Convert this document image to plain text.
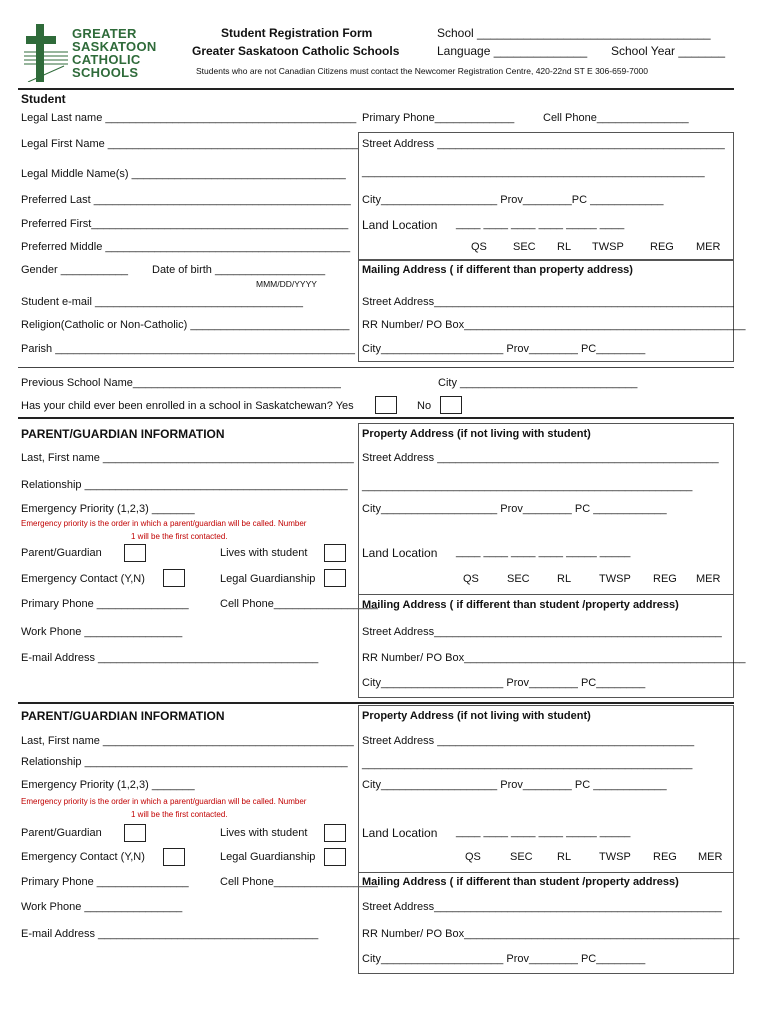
GREATER
SASKATOON
CATHOLIC
SCHOOLS
Student Registration Form
Greater Saskatoon Catholic Schools
School ___________________________________
Language ______________ School Year _______
Students who are not Canadian Citizens must contact the Newcomer Registration Centre, 420-22nd ST E 306-659-7000
Student
Legal Last name _________________________________________
Legal First Name _________________________________________
Legal Middle Name(s) ___________________________________
Preferred Last __________________________________________
Preferred First__________________________________________
Preferred Middle ________________________________________
Gender ___________ Date of birth __________________
MMM/DD/YYYY
Student e-mail __________________________________
Religion(Catholic or Non-Catholic) __________________________
Parish _________________________________________________
Primary Phone_____________	Cell Phone_______________
Street Address _______________________________________________
________________________________________________________
City___________________ Prov________PC ____________
Land Location ____ ____ ____ ____ _____ ____
QS SEC RL TWSP REG MER
Mailing Address ( if different than property address)
Street Address_________________________________________________
RR Number/ PO Box______________________________________________
City____________________ Prov________ PC________
Previous School Name__________________________________	City _____________________________
Has your child ever been enrolled in a school in Saskatchewan? Yes	No
PARENT/GUARDIAN INFORMATION
Last, First name _________________________________________
Relationship ___________________________________________
Emergency Priority (1,2,3) _______
Emergency priority is the order in which a parent/guardian will be called. Number
1 will be the first contacted.
Parent/Guardian	Lives with student
Emergency Contact (Y,N)	Legal Guardianship
Primary Phone _______________	Cell Phone_________________
Work Phone ________________
E-mail Address ____________________________________
Property Address (if not living with student)
Street Address ______________________________________________
______________________________________________________
City___________________ Prov________ PC ____________
Land Location ____ ____ ____ ____ _____ _____
QS	SEC RL	TWSP REG MER
Mailing Address ( if different than student /property address)
Street Address_______________________________________________
RR Number/ PO Box______________________________________________
City____________________ Prov________ PC________
PARENT/GUARDIAN INFORMATION
Last, First name _________________________________________
Relationship ___________________________________________
Emergency Priority (1,2,3) _______
Emergency priority is the order in which a parent/guardian will be called. Number
1 will be the first contacted.
Parent/Guardian	Lives with student
Emergency Contact (Y,N)	Legal Guardianship
Primary Phone _______________	Cell Phone_________________
Work Phone ________________
E-mail Address ____________________________________
Property Address (if not living with student)
Street Address __________________________________________
______________________________________________________
City___________________ Prov________ PC ____________
Land Location ____ ____ ____ ____ _____ _____
QS	SEC RL	TWSP REG MER
Mailing Address ( if different than student /property address)
Street Address_______________________________________________
RR Number/ PO Box_____________________________________________
City____________________ Prov________ PC________
